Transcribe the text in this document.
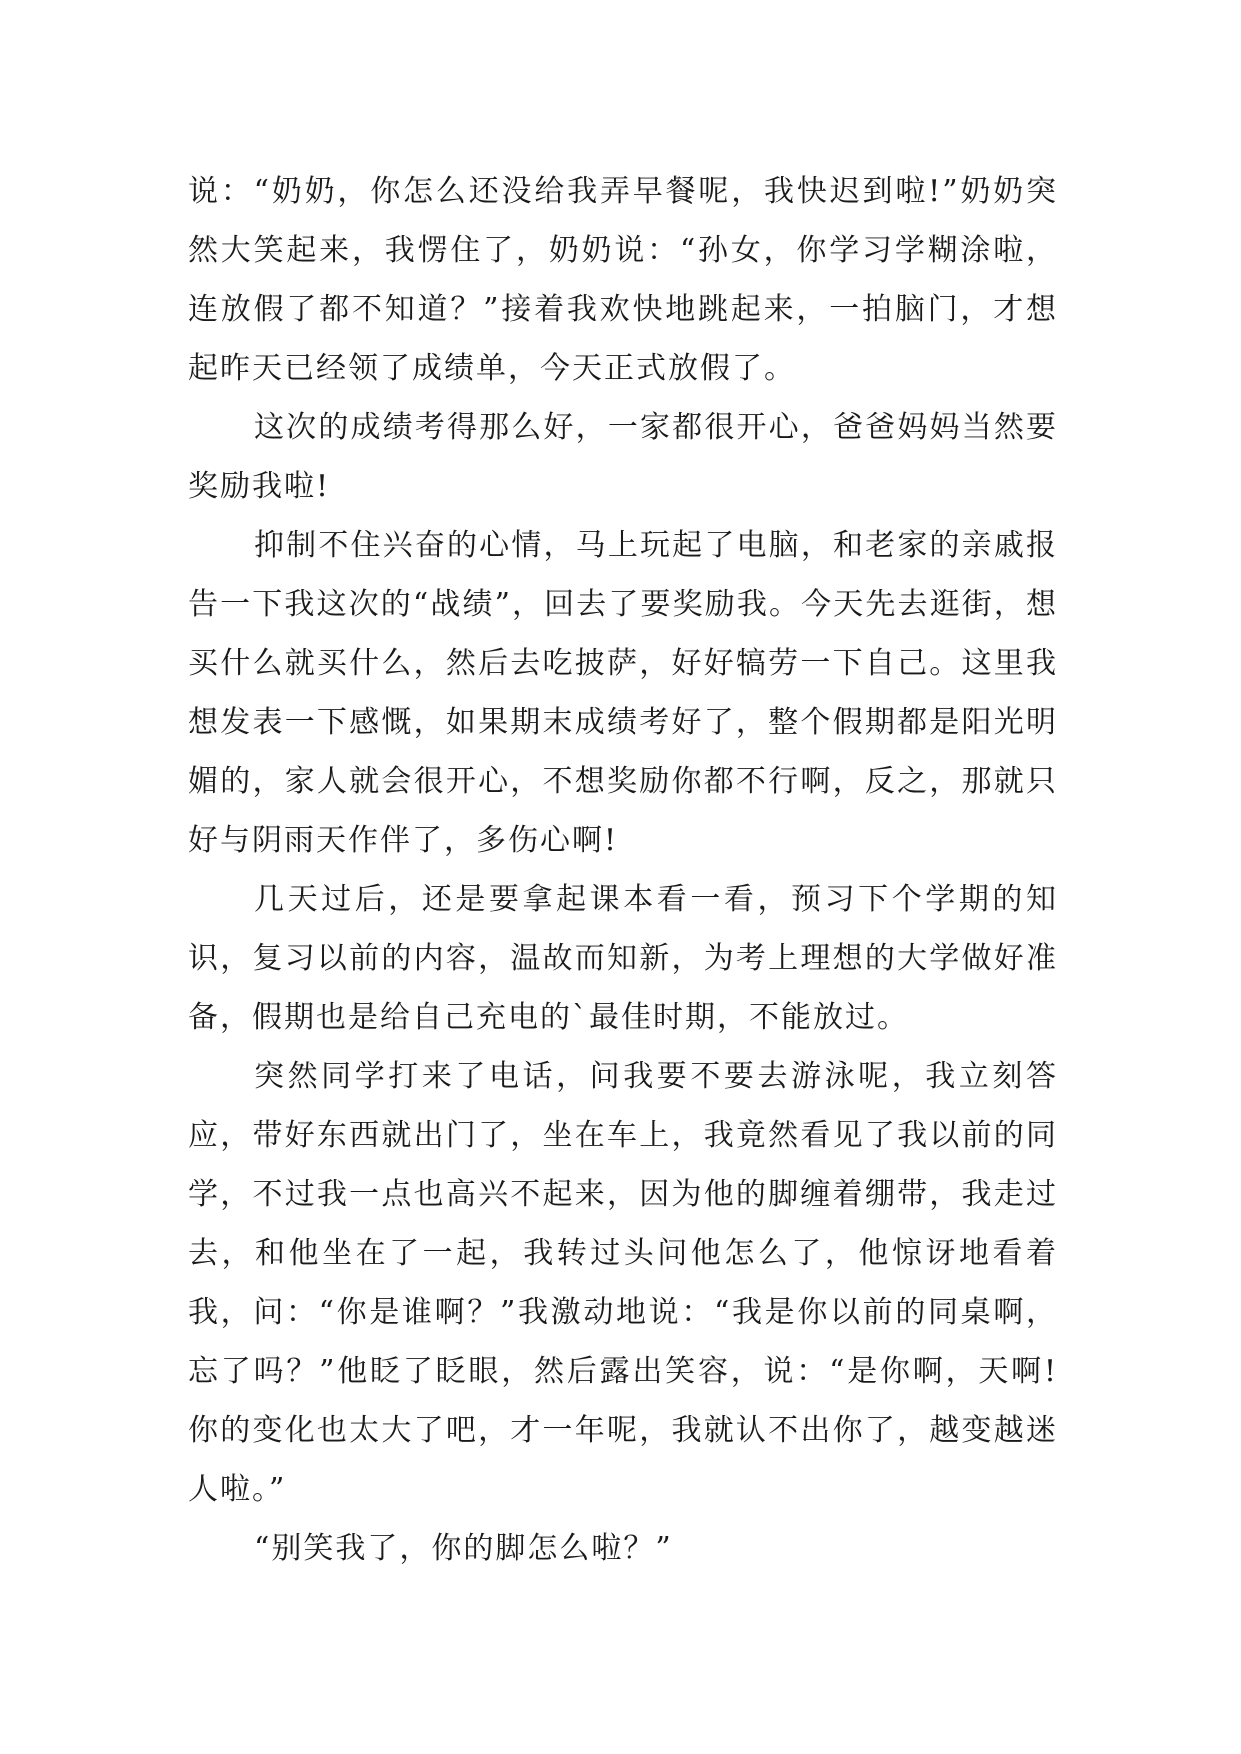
说：“奶奶，你怎么还没给我弄早餐呢，我快迟到啦!”奶奶突然大笑起来，我愣住了，奶奶说：“孙女，你学习学糊涂啦，连放假了都不知道？”接着我欢快地跳起来，一拍脑门，才想起昨天已经领了成绩单，今天正式放假了。

这次的成绩考得那么好，一家都很开心，爸爸妈妈当然要奖励我啦!

抑制不住兴奋的心情，马上玩起了电脑，和老家的亲戚报告一下我这次的“战绩”，回去了要奖励我。今天先去逛街，想买什么就买什么，然后去吃披萨，好好犒劳一下自己。这里我想发表一下感慨，如果期末成绩考好了，整个假期都是阳光明媚的，家人就会很开心，不想奖励你都不行啊，反之，那就只好与阴雨天作伴了，多伤心啊!

几天过后，还是要拿起课本看一看，预习下个学期的知识，复习以前的内容，温故而知新，为考上理想的大学做好准备，假期也是给自己充电的`最佳时期，不能放过。

突然同学打来了电话，问我要不要去游泳呢，我立刻答应，带好东西就出门了，坐在车上，我竟然看见了我以前的同学，不过我一点也高兴不起来，因为他的脚缠着绷带，我走过去，和他坐在了一起，我转过头问他怎么了，他惊讶地看着我，问：“你是谁啊？”我激动地说：“我是你以前的同桌啊，忘了吗？”他眨了眨眼，然后露出笑容，说：“是你啊，天啊!你的变化也太大了吧，才一年呢，我就认不出你了，越变越迷人啦。”

“别笑我了，你的脚怎么啦？”
